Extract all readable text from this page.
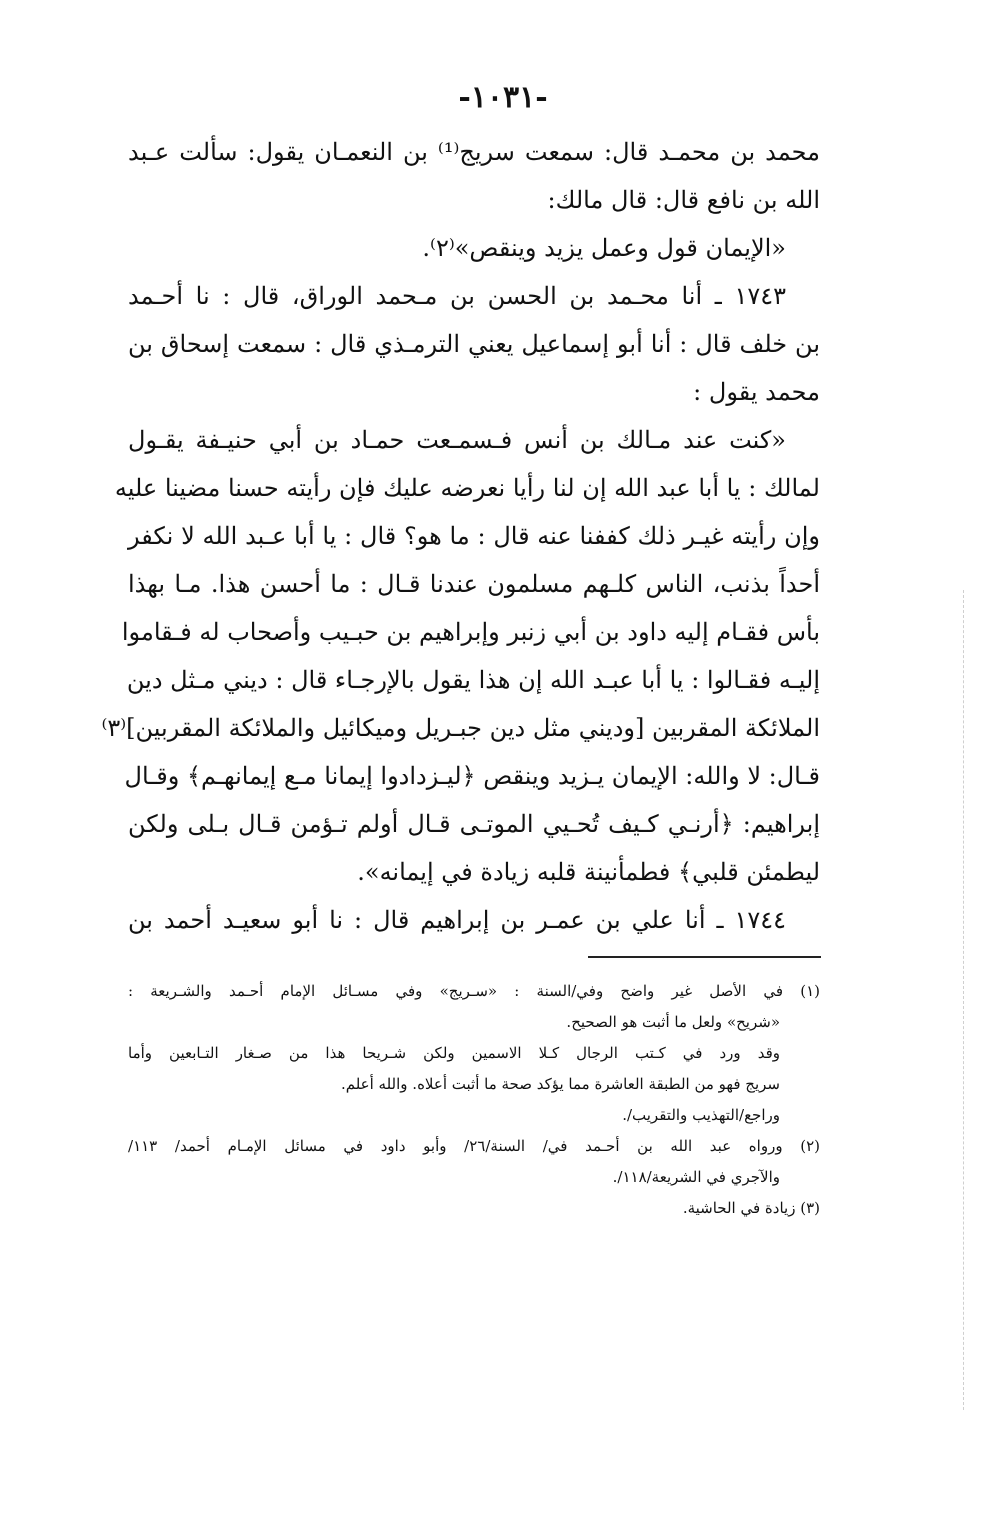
-١٠٣١-
محمد بن محمـد قال: سمعت سريج⁽¹⁾ بن النعمـان يقول: سألت عـبد
الله بن نافع قال: قال مالك:
«الإيمان قول وعمل يزيد وينقص»⁽٢⁾.
١٧٤٣ ـ أنا محـمد بن الحسن بن مـحمد الوراق، قال : نا أحـمد
بن خلف قال : أنا أبو إسماعيل يعني الترمـذي قال : سمعت إسحاق بن
محمد يقول :
«كنت عند مـالك بن أنس فـسمـعت حمـاد بن أبي حنيـفة يقـول
لمالك : يا أبا عبد الله إن لنا رأيا نعرضه عليك فإن رأيته حسنا مضينا عليه
وإن رأيته غيـر ذلك كففنا عنه قال : ما هو؟ قال : يا أبا عـبد الله لا نكفر
أحداً بذنب، الناس كلـهم مسلمون عندنا قـال : ما أحسن هذا. مـا بهذا
بأس فقـام إليه داود بن أبي زنبر وإبراهيم بن حبـيب وأصحاب له فـقاموا
إليـه فقـالوا : يا أبا عبـد الله إن هذا يقول بالإرجـاء قال : ديني مـثل دين
الملائكة المقربين [وديني مثل دين جبـريل وميكائيل والملائكة المقربين]⁽٣⁾
قـال: لا والله: الإيمان يـزيد وينقص ﴿ليـزدادوا إيمانا مـع إيمانهـم﴾ وقـال
إبراهيم: ﴿أرنـي كـيف تُحـيي الموتـى قـال أولم تـؤمن قـال بـلى ولكن
ليطمئن قلبي﴾ فطمأنينة قلبه زيادة في إيمانه».
١٧٤٤ ـ أنا علي بن عمـر بن إبراهيم قال : نا أبو سعيـد أحمد بن
(١) في الأصل غير واضح وفي/السنة : «سـريج» وفي مسـائل الإمام أحـمد والشـريعة :
«شريح» ولعل ما أثبت هو الصحيح.
وقد ورد في كـتب الرجال كـلا الاسمين ولكن شـريحا هذا من صـغار التـابعين وأما
سريج فهو من الطبقة العاشرة مما يؤكد صحة ما أثبت أعلاه. والله أعلم.
وراجع/التهذيب والتقريب/.
(٢) ورواه عبد الله بن أحـمد في/ السنة/٢٦/ وأبو داود في مسائل الإمـام أحمد/ ١١٣/
والآجري في الشريعة/١١٨/.
(٣) زيادة في الحاشية.
